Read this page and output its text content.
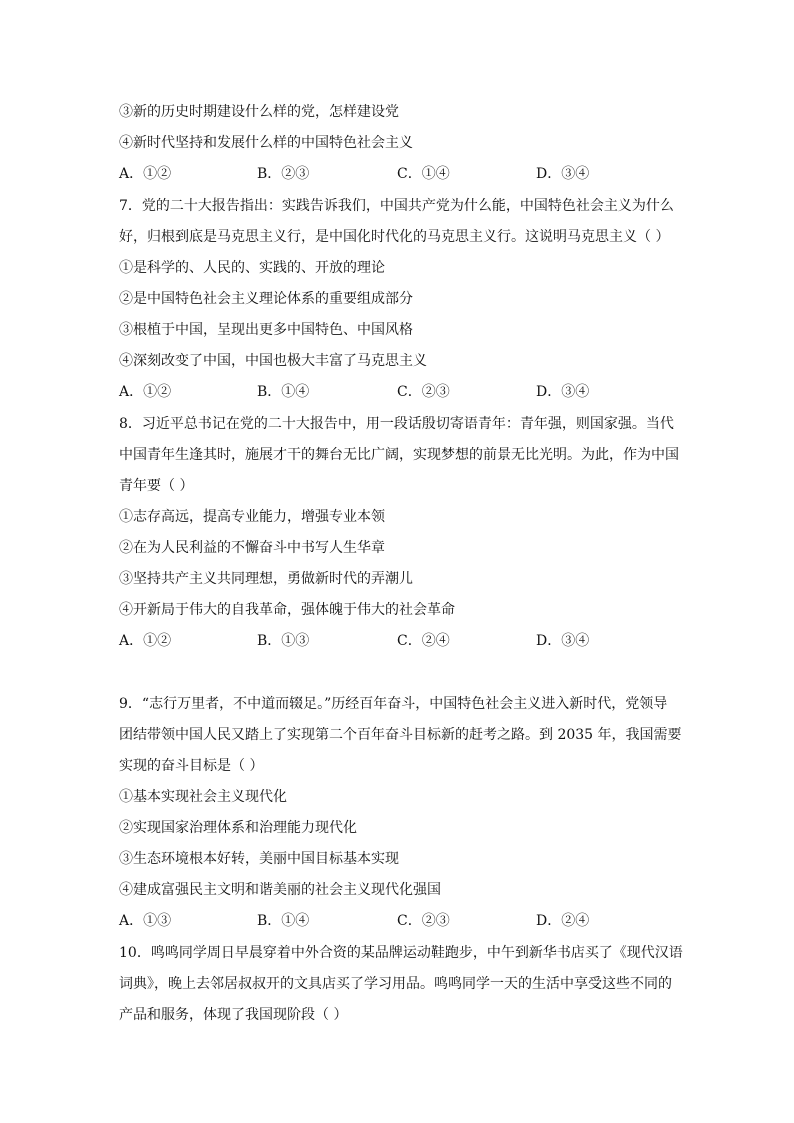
③新的历史时期建设什么样的党，怎样建设党
④新时代坚持和发展什么样的中国特色社会主义
A．①②	B．②③	C．①④	D．③④
7．党的二十大报告指出：实践告诉我们，中国共产党为什么能，中国特色社会主义为什么
好，归根到底是马克思主义行，是中国化时代化的马克思主义行。这说明马克思主义（ ）
①是科学的、人民的、实践的、开放的理论
②是中国特色社会主义理论体系的重要组成部分
③根植于中国，呈现出更多中国特色、中国风格
④深刻改变了中国，中国也极大丰富了马克思主义
A．①②	B．①④	C．②③	D．③④
8．习近平总书记在党的二十大报告中，用一段话殷切寄语青年：青年强，则国家强。当代
中国青年生逢其时，施展才干的舞台无比广阔，实现梦想的前景无比光明。为此，作为中国
青年要（ ）
①志存高远，提高专业能力，增强专业本领
②在为人民利益的不懈奋斗中书写人生华章
③坚持共产主义共同理想，勇做新时代的弄潮儿
④开新局于伟大的自我革命，强体魄于伟大的社会革命
A．①②	B．①③	C．②④	D．③④
9．“志行万里者，不中道而辍足。”历经百年奋斗，中国特色社会主义进入新时代，党领导
团结带领中国人民又踏上了实现第二个百年奋斗目标新的赶考之路。到 2035 年，我国需要
实现的奋斗目标是（ ）
①基本实现社会主义现代化
②实现国家治理体系和治理能力现代化
③生态环境根本好转，美丽中国目标基本实现
④建成富强民主文明和谐美丽的社会主义现代化强国
A．①③	B．①④	C．②③	D．②④
10．鸣鸣同学周日早晨穿着中外合资的某品牌运动鞋跑步，中午到新华书店买了《现代汉语
词典》，晚上去邻居叔叔开的文具店买了学习用品。鸣鸣同学一天的生活中享受这些不同的
产品和服务，体现了我国现阶段（ ）
